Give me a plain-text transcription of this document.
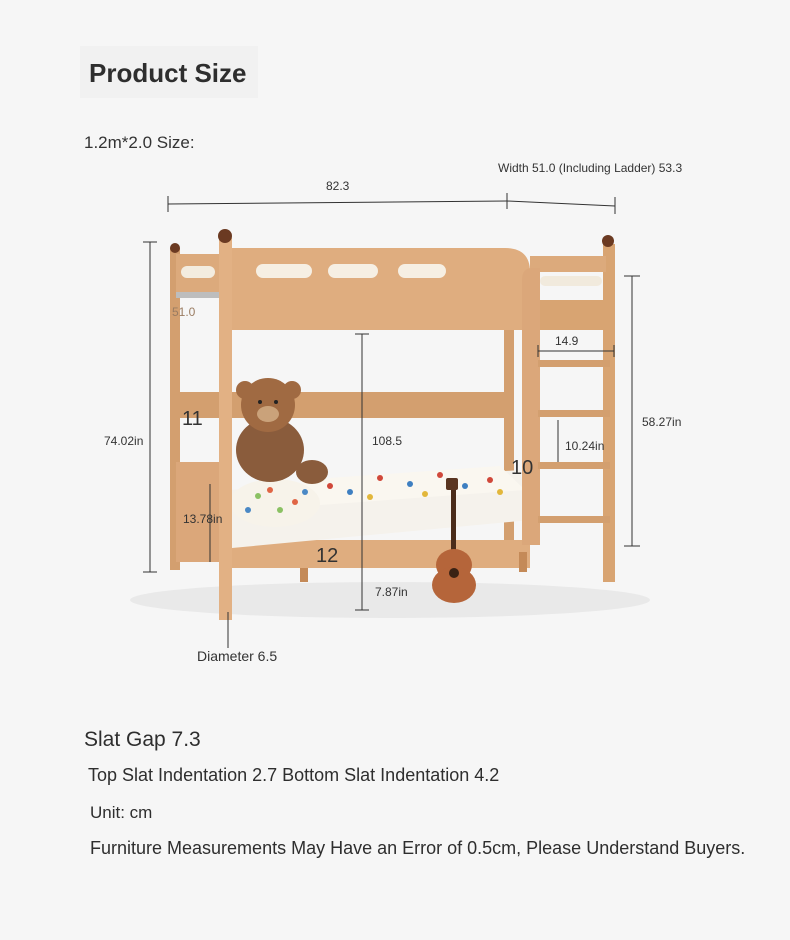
Product Size
1.2m*2.0 Size:
Width 51.0 (Including Ladder) 53.3
82.3
51.0
74.02in
11
108.5
14.9
10.24in
58.27in
10
13.78in
12
7.87in
Diameter 6.5
Slat Gap 7.3
Top Slat Indentation 2.7 Bottom Slat Indentation 4.2
Unit: cm
Furniture Measurements May Have an Error of 0.5cm, Please Understand Buyers.
